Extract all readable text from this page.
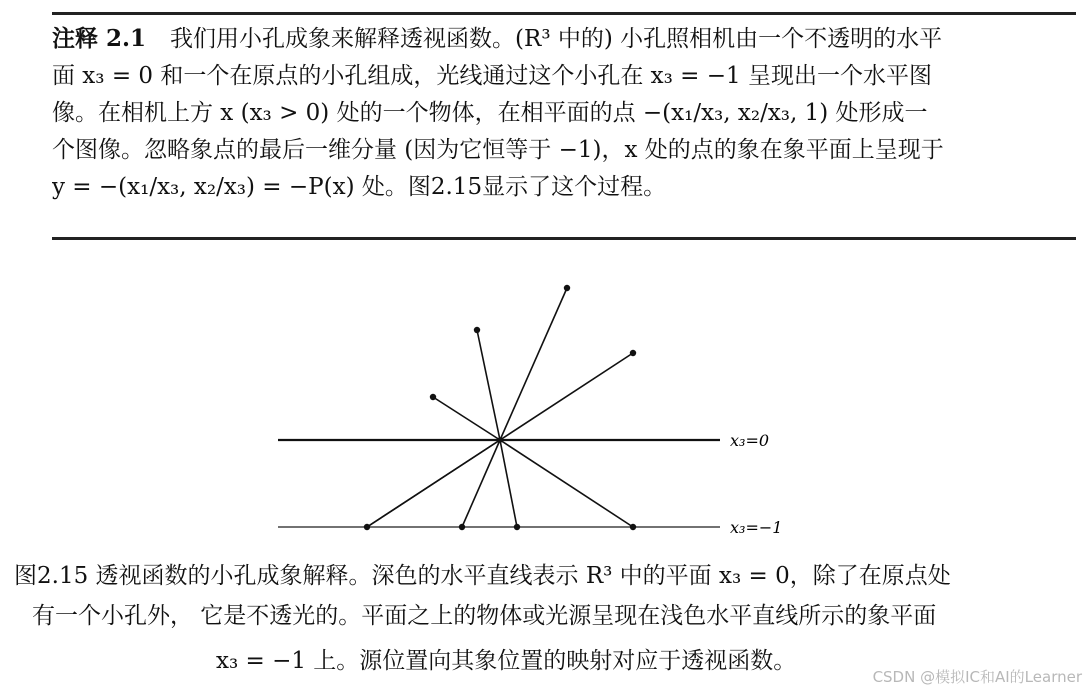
注释 2.1 我们用小孔成象来解释透视函数。(R³ 中的) 小孔照相机由一个不透明的水平
面 x₃ = 0 和一个在原点的小孔组成，光线通过这个小孔在 x₃ = −1 呈现出一个水平图
像。在相机上方 x (x₃ > 0) 处的一个物体，在相平面的点 −(x₁/x₃, x₂/x₃, 1) 处形成一
个图像。忽略象点的最后一维分量 (因为它恒等于 −1)，x 处的点的象在象平面上呈现于
y = −(x₁/x₃, x₂/x₃) = −P(x) 处。图2.15显示了这个过程。
x₃=0
x₃=−1
图2.15 透视函数的小孔成象解释。深色的水平直线表示 R³ 中的平面 x₃ = 0，除了在原点处
有一个小孔外， 它是不透光的。平面之上的物体或光源呈现在浅色水平直线所示的象平面
x₃ = −1 上。源位置向其象位置的映射对应于透视函数。
CSDN @模拟IC和AI的Learner
